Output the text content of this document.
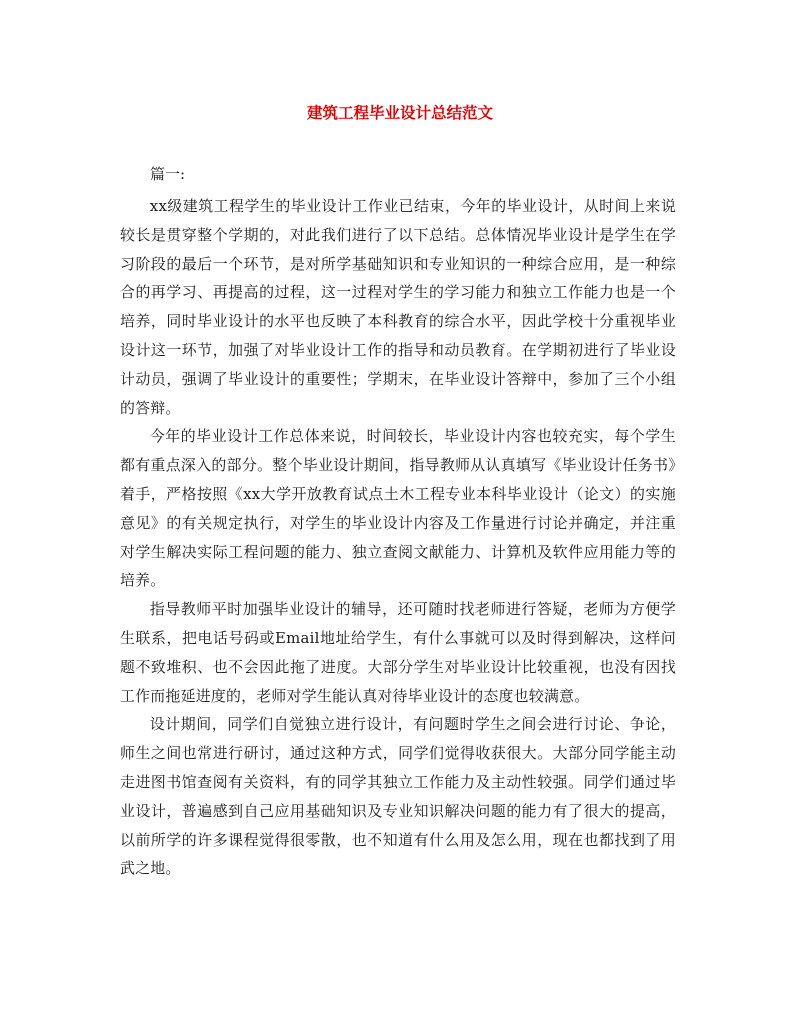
建筑工程毕业设计总结范文
篇一:

xx级建筑工程学生的毕业设计工作业已结束，今年的毕业设计，从时间上来说较长是贯穿整个学期的，对此我们进行了以下总结。总体情况毕业设计是学生在学习阶段的最后一个环节，是对所学基础知识和专业知识的一种综合应用，是一种综合的再学习、再提高的过程，这一过程对学生的学习能力和独立工作能力也是一个培养，同时毕业设计的水平也反映了本科教育的综合水平，因此学校十分重视毕业设计这一环节，加强了对毕业设计工作的指导和动员教育。在学期初进行了毕业设计动员，强调了毕业设计的重要性；学期末，在毕业设计答辩中，参加了三个小组的答辩。

今年的毕业设计工作总体来说，时间较长，毕业设计内容也较充实，每个学生都有重点深入的部分。整个毕业设计期间，指导教师从认真填写《毕业设计任务书》着手，严格按照《xx大学开放教育试点土木工程专业本科毕业设计（论文）的实施意见》的有关规定执行，对学生的毕业设计内容及工作量进行讨论并确定，并注重对学生解决实际工程问题的能力、独立查阅文献能力、计算机及软件应用能力等的培养。

指导教师平时加强毕业设计的辅导，还可随时找老师进行答疑，老师为方便学生联系，把电话号码或Email地址给学生，有什么事就可以及时得到解决，这样问题不致堆积、也不会因此拖了进度。大部分学生对毕业设计比较重视，也没有因找工作而拖延进度的，老师对学生能认真对待毕业设计的态度也较满意。

设计期间，同学们自觉独立进行设计，有问题时学生之间会进行讨论、争论，师生之间也常进行研讨，通过这种方式，同学们觉得收获很大。大部分同学能主动走进图书馆查阅有关资料，有的同学其独立工作能力及主动性较强。同学们通过毕业设计，普遍感到自己应用基础知识及专业知识解决问题的能力有了很大的提高，以前所学的许多课程觉得很零散，也不知道有什么用及怎么用，现在也都找到了用武之地。
